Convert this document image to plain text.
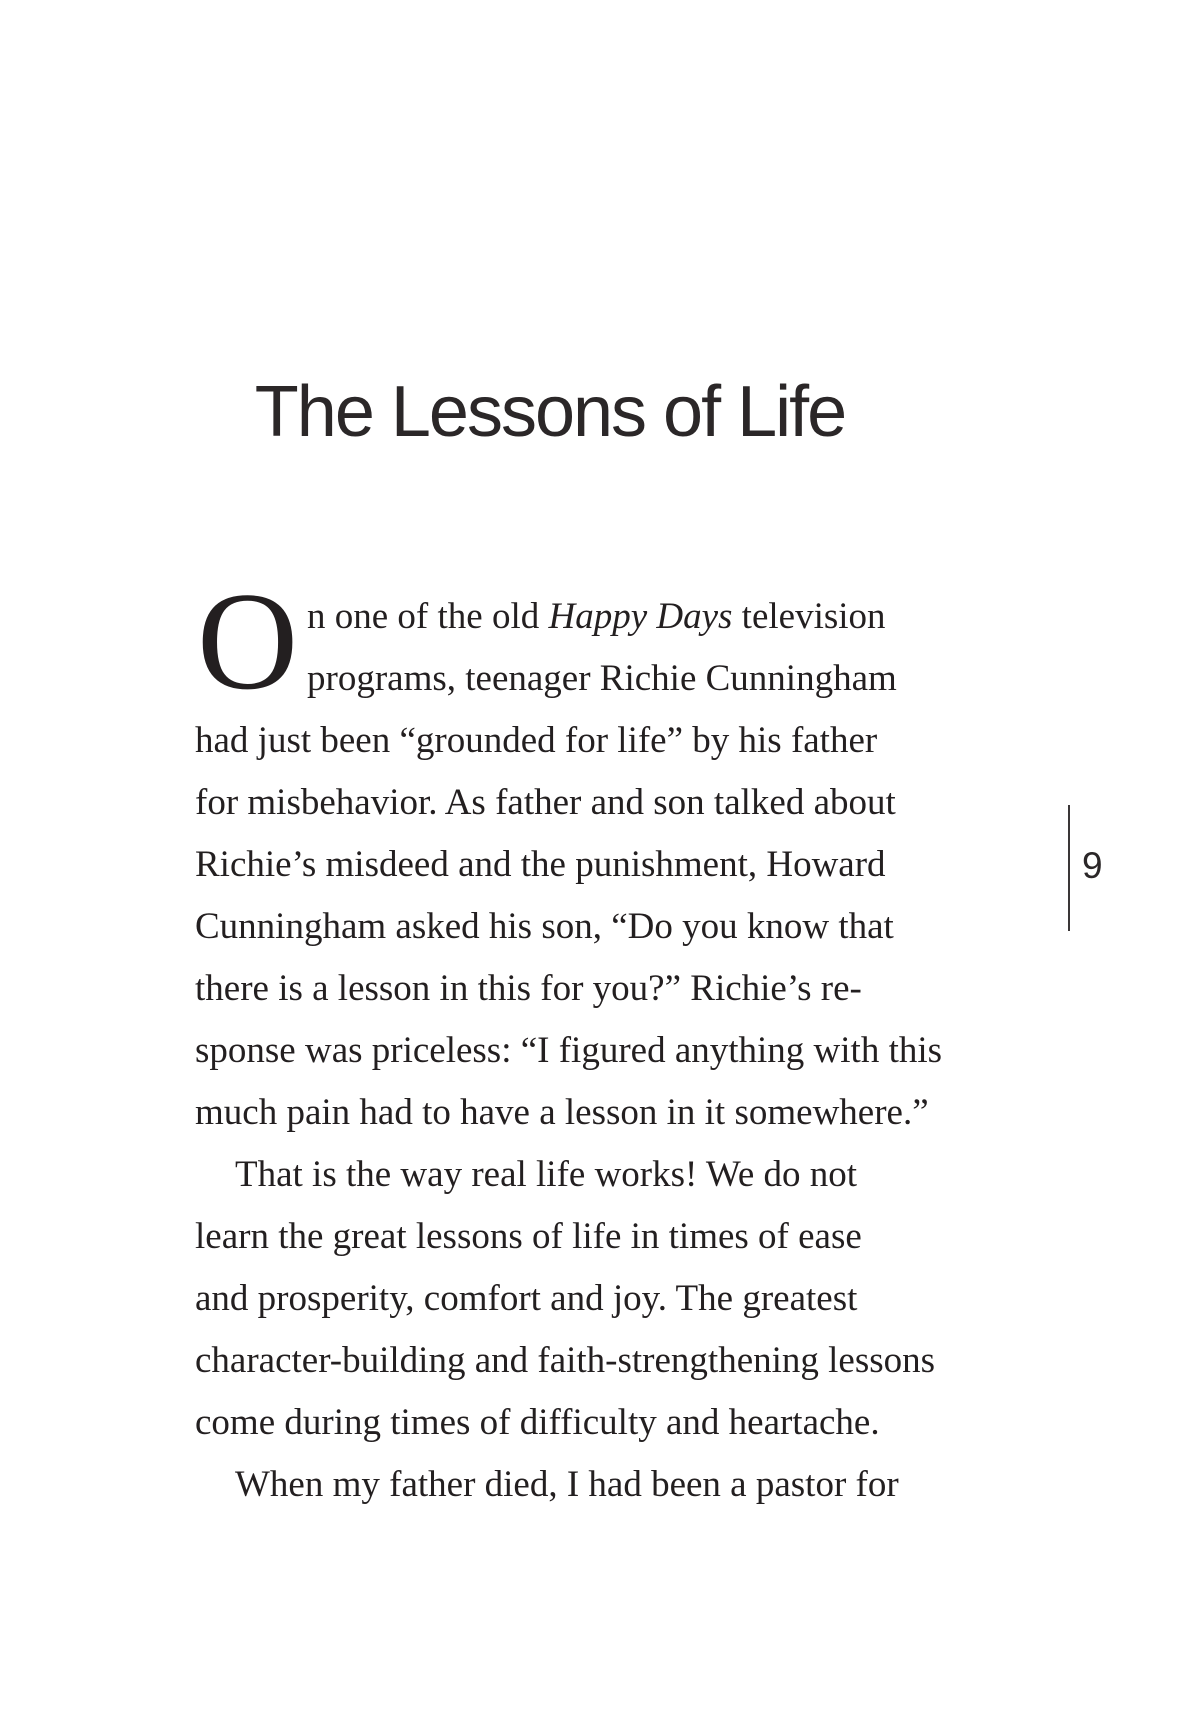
The Lessons of Life
O n one of the old Happy Days television
programs, teenager Richie Cunningham
had just been “grounded for life” by his father
for misbehavior. As father and son talked about
Richie’s misdeed and the punishment, Howard
Cunningham asked his son, “Do you know that
there is a lesson in this for you?” Richie’s re-
sponse was priceless: “I figured anything with this
much pain had to have a lesson in it somewhere.”
That is the way real life works! We do not
learn the great lessons of life in times of ease
and prosperity, comfort and joy. The greatest
character-building and faith-strengthening lessons
come during times of difficulty and heartache.
When my father died, I had been a pastor for
9
